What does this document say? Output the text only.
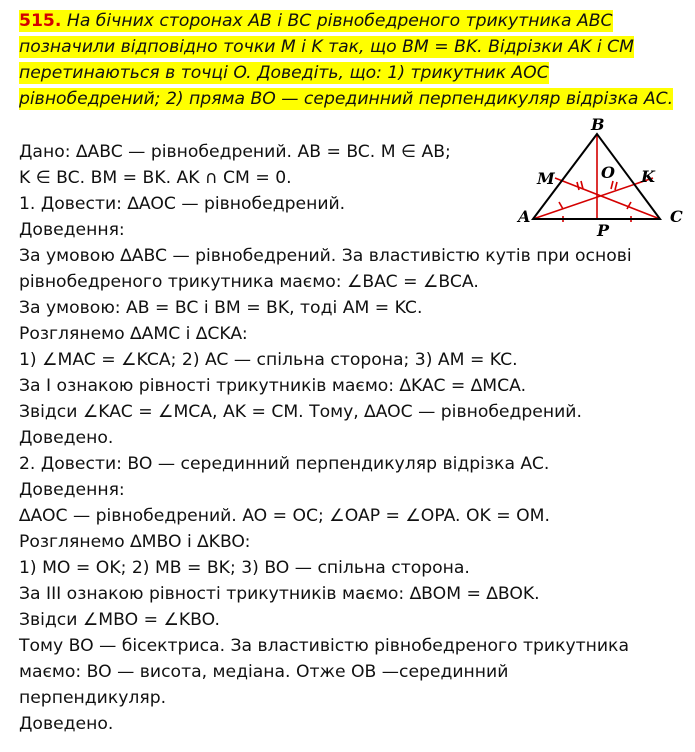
515. На бічних сторонах AB і BC рівнобедреного трикутника ABC позначили відповідно точки M і K так, що BM = BK. Відрізки AK і CM перетинаються в точці O. Доведіть, що: 1) трикутник AOC рівнобедрений; 2) пряма BO — серединний перпендикуляр відрізка AC.
B
M	O K
A
P
C

Дано: ∆ABC — рівнобедрений. AB = BC. M ∈ AB;

K ∈ BC. BM = BK. AK ∩ CM = 0.

1. Довести: ∆AOC — рівнобедрений.

Доведення:

За умовою ∆ABC — рівнобедрений. За властивістю кутів при основі

рівнобедреного трикутника маємо: ∠BAC = ∠BCA.

За умовою: AB = BC і BM = BK, тоді AM = KC.

Розглянемо ∆AMC і ∆CKA:

1) ∠MAC = ∠KCA; 2) AC — спільна сторона; 3) AM = KC.

За I ознакою рівності трикутників маємо: ∆KAC = ∆MCA.

Звідси ∠KAC = ∠MCA, AK = CM. Тому, ∆AOC — рівнобедрений.

Доведено.

2. Довести: BO — серединний перпендикуляр відрізка AC.

Доведення:

∆AOC — рівнобедрений. AO = OC; ∠OAP = ∠OPA. OK = OM.

Розглянемо ∆MBO і ∆KBO:

1) MO = OK; 2) MB = BK; 3) BO — спільна сторона.

За III ознакою рівності трикутників маємо: ∆BOM = ∆BOK.

Звідси ∠MBO = ∠KBO.

Тому BO — бісектриса. За властивістю рівнобедреного трикутника

маємо: BO — висота, медіана. Отже OB —серединний

перпендикуляр.

Доведено.
